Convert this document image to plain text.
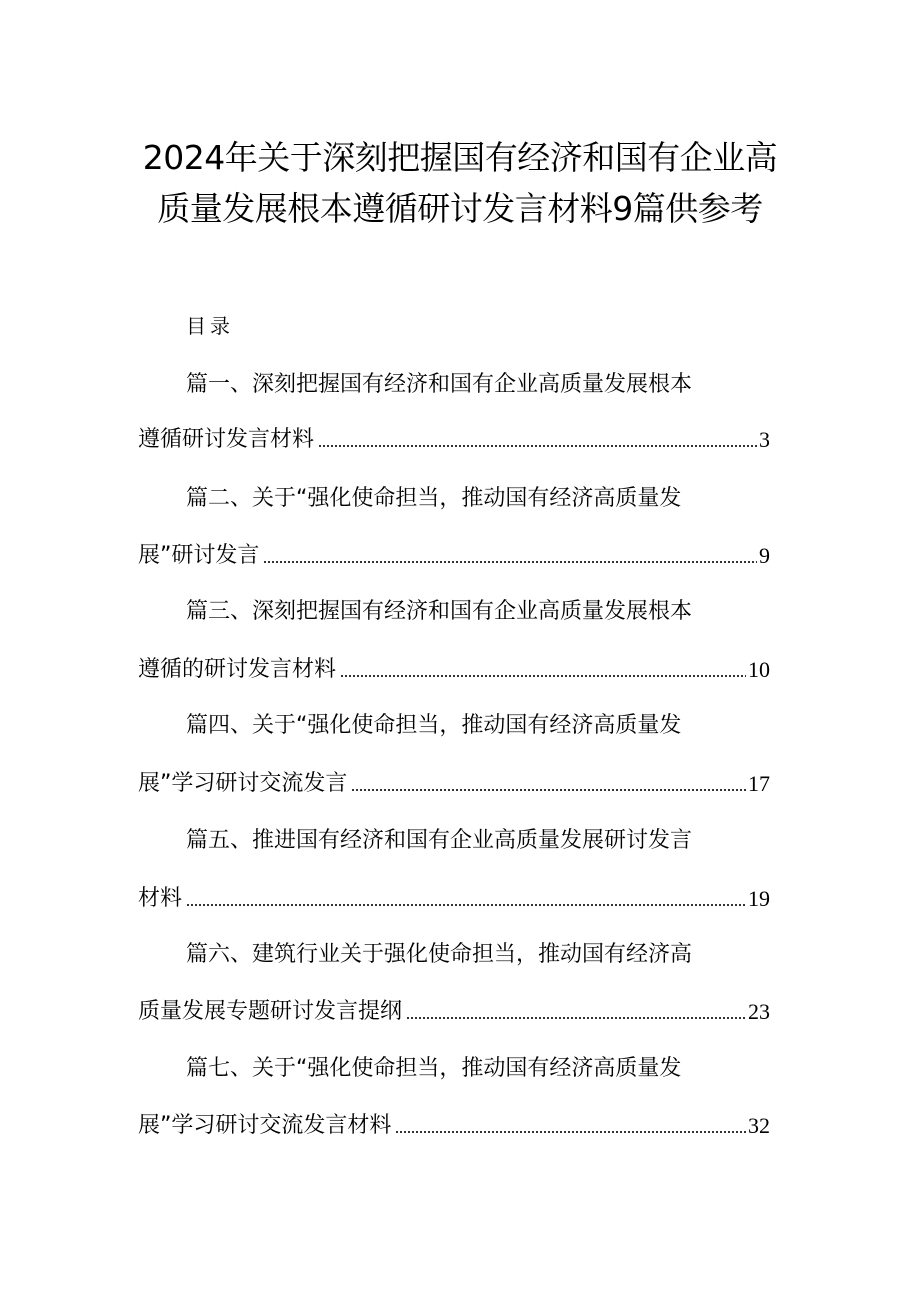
2024年关于深刻把握国有经济和国有企业高质量发展根本遵循研讨发言材料9篇供参考
目录
篇一、深刻把握国有经济和国有企业高质量发展根本
遵循研讨发言材料	3
篇二、关于“强化使命担当，推动国有经济高质量发
展”研讨发言	9
篇三、深刻把握国有经济和国有企业高质量发展根本
遵循的研讨发言材料	10
篇四、关于“强化使命担当，推动国有经济高质量发
展”学习研讨交流发言	17
篇五、推进国有经济和国有企业高质量发展研讨发言
材料	19
篇六、建筑行业关于强化使命担当，推动国有经济高
质量发展专题研讨发言提纲	23
篇七、关于“强化使命担当，推动国有经济高质量发
展”学习研讨交流发言材料	32
